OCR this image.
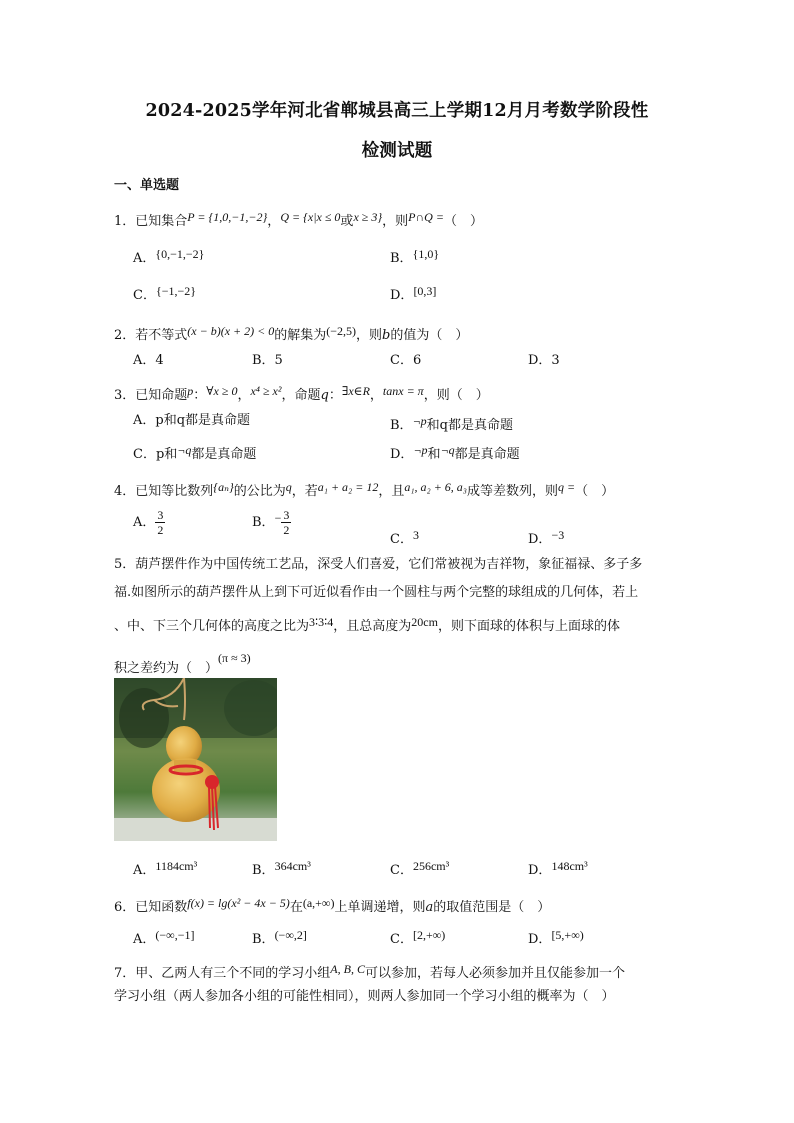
2024-2025学年河北省郸城县高三上学期12月月考数学阶段性
检测试题
一、单选题
1．已知集合P = {1,0,−1,−2}，Q = {x|x ≤ 0或x ≥ 3}，则P∩Q =（　）
A．{0,−1,−2}	B．{1,0}
C．{−1,−2}	D．[0,3]
2．若不等式(x − b)(x + 2) < 0的解集为(−2,5)，则b的值为（　）
A．4	B．5	C．6	D．3
3．已知命题p：∀x ≥ 0，x⁴ ≥ x²，命题q：∃x∈R，tanx = π，则（　）
A．p和q都是真命题	B．¬p和q都是真命题
C．p和¬q都是真命题	D．¬p和¬q都是真命题
4．已知等比数列{aₙ}的公比为q，若a₁ + a₂ = 12，且a₁, a₂ + 6, a₃成等差数列，则q =（　）
A． $\frac{3}{2}$	B．− $\frac{3}{2}$
C．3	D．−3
5．葫芦摆件作为中国传统工艺品，深受人们喜爱，它们常被视为吉祥物，象征福禄、多子多
福.如图所示的葫芦摆件从上到下可近似看作由一个圆柱与两个完整的球组成的几何体，若上
、中、下三个几何体的高度之比为3∶3∶4，且总高度为20cm，则下面球的体积与上面球的体
积之差约为（　）(π ≈ 3)
A．1184cm³	B．364cm³	C．256cm³	D．148cm³
6．已知函数f(x) = lg(x² − 4x − 5)在(a,+∞)上单调递增，则a的取值范围是（　）
A．(−∞,−1]	B．(−∞,2]	C．[2,+∞)	D．[5,+∞)
7．甲、乙两人有三个不同的学习小组A, B, C可以参加，若每人必须参加并且仅能参加一个
学习小组（两人参加各小组的可能性相同），则两人参加同一个学习小组的概率为（　）
